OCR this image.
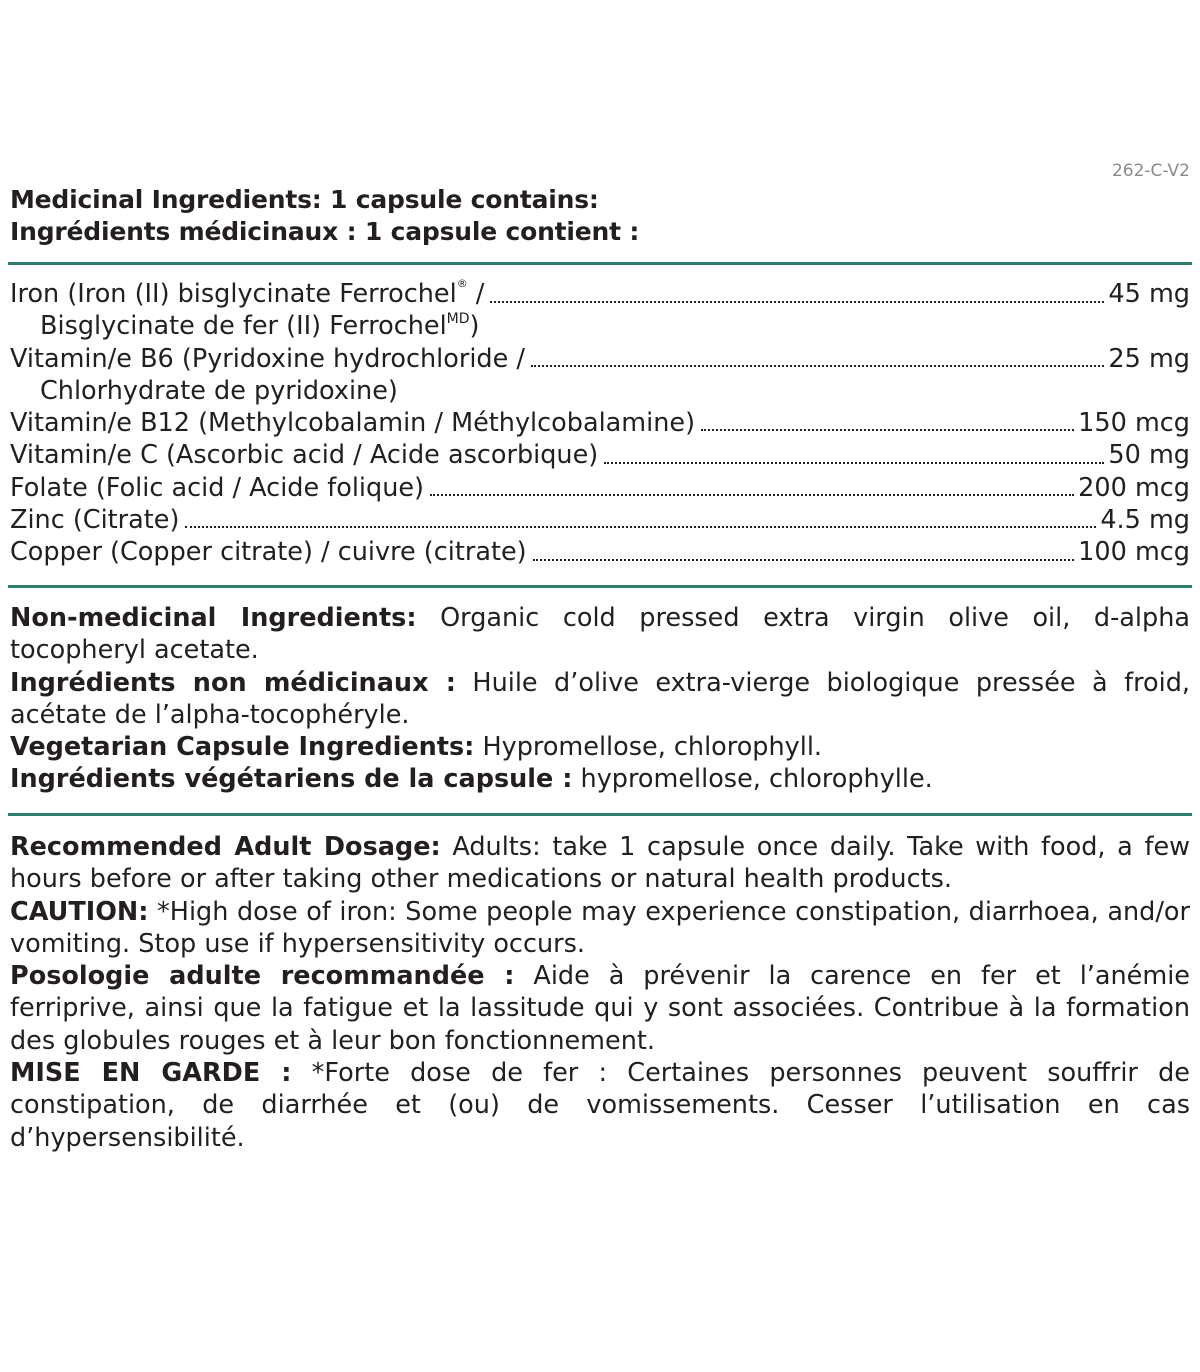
262-C-V2
Medicinal Ingredients: 1 capsule contains:
Ingrédients médicinaux : 1 capsule contient :
Iron (Iron (II) bisglycinate Ferrochel® /
Bisglycinate de fer (II) Ferrochel$^{MD}$)
45 mg
Vitamin/e B6 (Pyridoxine hydrochloride /
Chlorhydrate de pyridoxine)
25 mg
Vitamin/e B12 (Methylcobalamin / Méthylcobalamine)	150 mcg
Vitamin/e C (Ascorbic acid / Acide ascorbique)	50 mg
Folate (Folic acid / Acide folique)	200 mcg
Zinc (Citrate)	4.5 mg
Copper (Copper citrate) / cuivre (citrate)	100 mcg

Non-medicinal Ingredients: Organic cold pressed extra virgin olive oil, d-alpha tocopheryl acetate.

Ingrédients non médicinaux : Huile d’olive extra-vierge biologique pressée à froid, acétate de l’alpha-tocophéryle.

Vegetarian Capsule Ingredients: Hypromellose, chlorophyll.

Ingrédients végétariens de la capsule : hypromellose, chlorophylle.

Recommended Adult Dosage: Adults: take 1 capsule once daily. Take with food, a few hours before or after taking other medications or natural health products.

CAUTION: *High dose of iron: Some people may experience constipation, diarrhoea, and/or vomiting. Stop use if hypersensitivity occurs.

Posologie adulte recommandée : Aide à prévenir la carence en fer et l’anémie ferriprive, ainsi que la fatigue et la lassitude qui y sont associées. Contribue à la formation des globules rouges et à leur bon fonctionnement.

MISE EN GARDE : *Forte dose de fer : Certaines personnes peuvent souffrir de constipation, de diarrhée et (ou) de vomissements. Cesser l’utilisation en cas d’hypersensibilité.
